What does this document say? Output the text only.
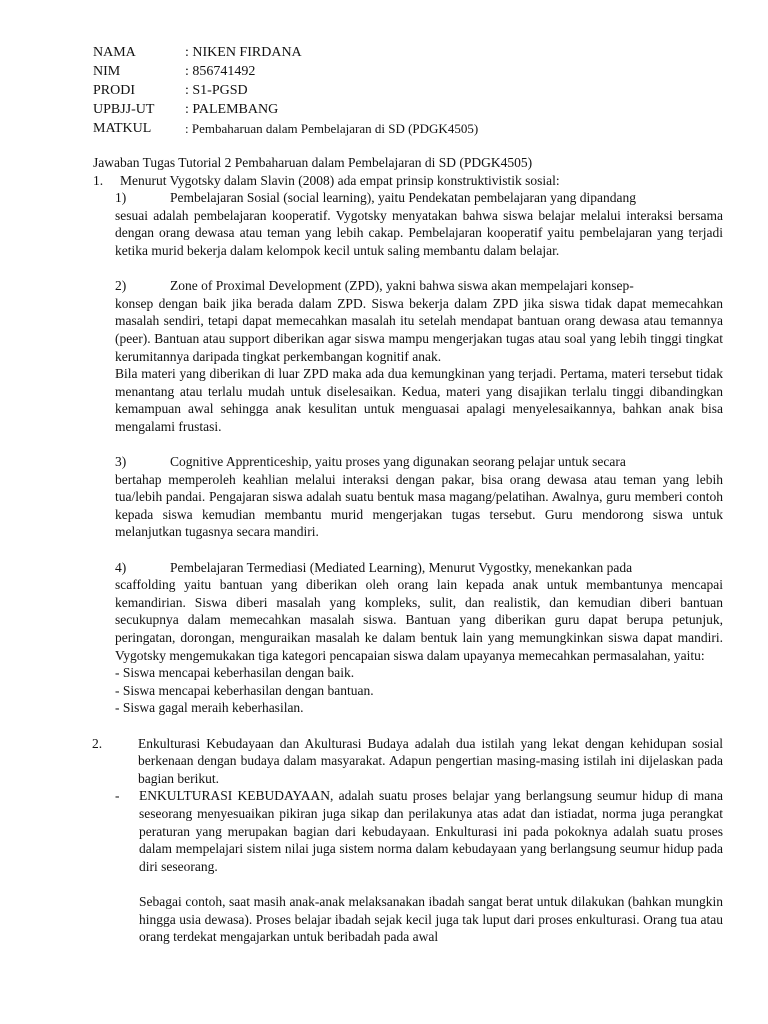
NAMA	: NIKEN FIRDANA
NIM	: 856741492
PRODI	: S1-PGSD
UPBJJ-UT	: PALEMBANG
MATKUL	: Pembaharuan dalam Pembelajaran di SD (PDGK4505)

Jawaban Tugas Tutorial 2 Pembaharuan dalam Pembelajaran di SD (PDGK4505)

1.	Menurut Vygotsky dalam Slavin (2008) ada empat prinsip konstruktivistik sosial:
1)	Pembelajaran Sosial (social learning), yaitu Pendekatan pembelajaran yang dipandang

sesuai adalah pembelajaran kooperatif. Vygotsky menyatakan bahwa siswa belajar melalui interaksi bersama dengan orang dewasa atau teman yang lebih cakap. Pembelajaran kooperatif yaitu pembelajaran yang terjadi ketika murid bekerja dalam kelompok kecil untuk saling membantu dalam belajar.

2)	Zone of Proximal Development (ZPD), yakni bahwa siswa akan mempelajari konsep-

konsep dengan baik jika berada dalam ZPD. Siswa bekerja dalam ZPD jika siswa tidak dapat memecahkan masalah sendiri, tetapi dapat memecahkan masalah itu setelah mendapat bantuan orang dewasa atau temannya (peer). Bantuan atau support diberikan agar siswa mampu mengerjakan tugas atau soal yang lebih tinggi tingkat kerumitannya daripada tingkat perkembangan kognitif anak.

Bila materi yang diberikan di luar ZPD maka ada dua kemungkinan yang terjadi. Pertama, materi tersebut tidak menantang atau terlalu mudah untuk diselesaikan. Kedua, materi yang disajikan terlalu tinggi dibandingkan kemampuan awal sehingga anak kesulitan untuk menguasai apalagi menyelesaikannya, bahkan anak bisa mengalami frustasi.

3)	Cognitive Apprenticeship, yaitu proses yang digunakan seorang pelajar untuk secara

bertahap memperoleh keahlian melalui interaksi dengan pakar, bisa orang dewasa atau teman yang lebih tua/lebih pandai. Pengajaran siswa adalah suatu bentuk masa magang/pelatihan. Awalnya, guru memberi contoh kepada siswa kemudian membantu murid mengerjakan tugas tersebut. Guru mendorong siswa untuk melanjutkan tugasnya secara mandiri.

4)	Pembelajaran Termediasi (Mediated Learning), Menurut Vygostky, menekankan pada

scaffolding yaitu bantuan yang diberikan oleh orang lain kepada anak untuk membantunya mencapai kemandirian. Siswa diberi masalah yang kompleks, sulit, dan realistik, dan kemudian diberi bantuan secukupnya dalam memecahkan masalah siswa. Bantuan yang diberikan guru dapat berupa petunjuk, peringatan, dorongan, menguraikan masalah ke dalam bentuk lain yang memungkinkan siswa dapat mandiri. Vygotsky mengemukakan tiga kategori pencapaian siswa dalam upayanya memecahkan permasalahan, yaitu:

- Siswa mencapai keberhasilan dengan baik.

- Siswa mencapai keberhasilan dengan bantuan.

- Siswa gagal meraih keberhasilan.

2.	Enkulturasi Kebudayaan dan Akulturasi Budaya adalah dua istilah yang lekat dengan kehidupan sosial berkenaan dengan budaya dalam masyarakat. Adapun pengertian masing-masing istilah ini dijelaskan pada bagian berikut.

-	ENKULTURASI KEBUDAYAAN, adalah suatu proses belajar yang berlangsung seumur hidup di mana seseorang menyesuaikan pikiran juga sikap dan perilakunya atas adat dan istiadat, norma juga perangkat peraturan yang merupakan bagian dari kebudayaan. Enkulturasi ini pada pokoknya adalah suatu proses dalam mempelajari sistem nilai juga sistem norma dalam kebudayaan yang berlangsung seumur hidup pada diri seseorang.

Sebagai contoh, saat masih anak-anak melaksanakan ibadah sangat berat untuk dilakukan (bahkan mungkin hingga usia dewasa). Proses belajar ibadah sejak kecil juga tak luput dari proses enkulturasi. Orang tua atau orang terdekat mengajarkan untuk beribadah pada awal
